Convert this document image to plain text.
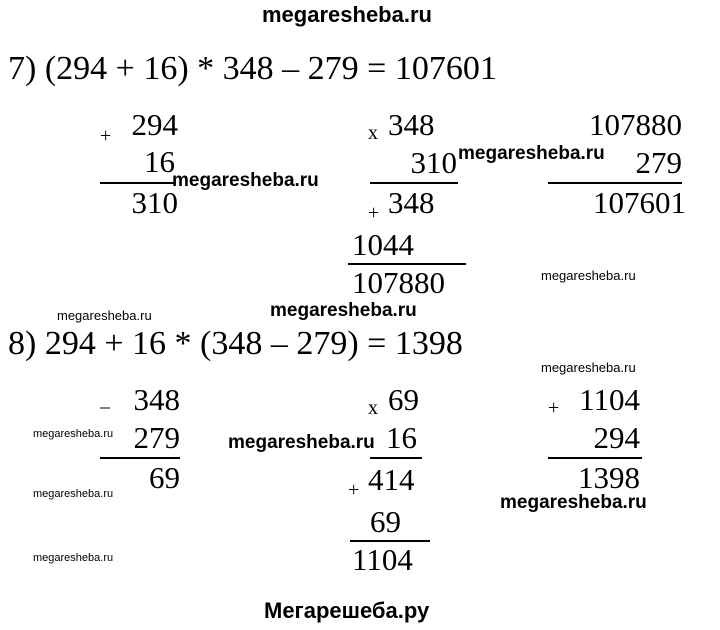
megaresheba.ru
7) (294 + 16) * 348 – 279 = 107601
+ 294
16
310
x 348
310
+ 348
1044
107880
107880
279
107601
megaresheba.ru
megaresheba.ru
megaresheba.ru
megaresheba.ru	megaresheba.ru
8) 294 + 16 * (348 – 279) = 1398
megaresheba.ru
_ 348
279
69
x 69
16
+ 414
69
1104
+ 1104
294
1398
megaresheba.ru	megaresheba.ru
megaresheba.ru	megaresheba.ru
megaresheba.ru
Мегарешеба.ру
